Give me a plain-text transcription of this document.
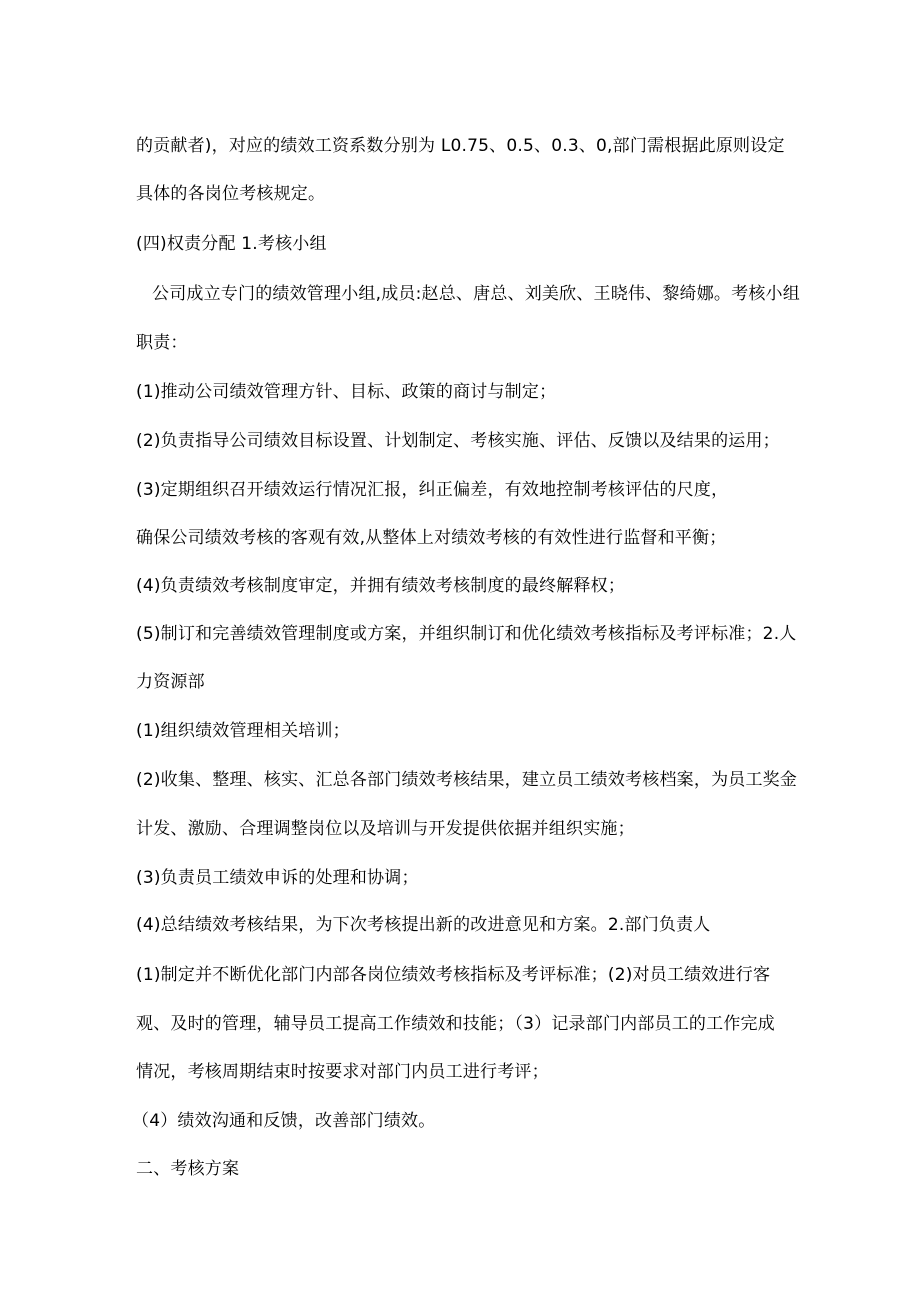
的贡献者)，对应的绩效工资系数分别为 L0.75、0.5、0.3、0,部门需根据此原则设定
具体的各岗位考核规定。
(四)权责分配 1.考核小组
公司成立专门的绩效管理小组,成员:赵总、唐总、刘美欣、王晓伟、黎绮娜。考核小组
职责：
(1)推动公司绩效管理方针、目标、政策的商讨与制定；
(2)负责指导公司绩效目标设置、计划制定、考核实施、评估、反馈以及结果的运用；
(3)定期组织召开绩效运行情况汇报，纠正偏差，有效地控制考核评估的尺度，
确保公司绩效考核的客观有效,从整体上对绩效考核的有效性进行监督和平衡；
(4)负责绩效考核制度审定，并拥有绩效考核制度的最终解释权；
(5)制订和完善绩效管理制度或方案，并组织制订和优化绩效考核指标及考评标准；2.人
力资源部
(1)组织绩效管理相关培训；
(2)收集、整理、核实、汇总各部门绩效考核结果，建立员工绩效考核档案，为员工奖金
计发、激励、合理调整岗位以及培训与开发提供依据并组织实施；
(3)负责员工绩效申诉的处理和协调；
(4)总结绩效考核结果，为下次考核提出新的改进意见和方案。2.部门负责人
(1)制定并不断优化部门内部各岗位绩效考核指标及考评标准；(2)对员工绩效进行客
观、及时的管理，辅导员工提高工作绩效和技能；（3）记录部门内部员工的工作完成
情况，考核周期结束时按要求对部门内员工进行考评；
（4）绩效沟通和反馈，改善部门绩效。
二、考核方案
